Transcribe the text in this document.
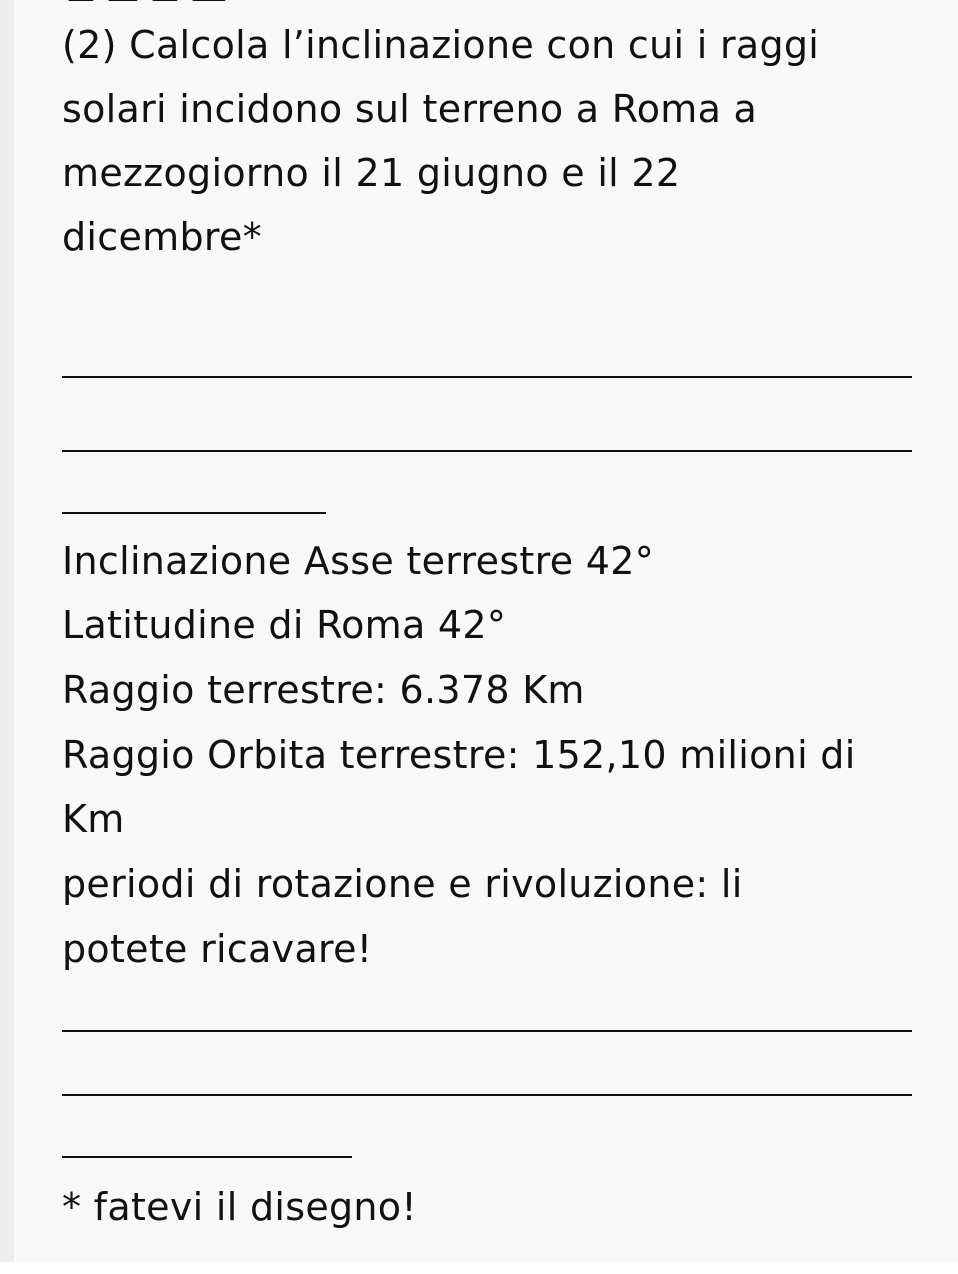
(2) Calcola l’inclinazione con cui i raggi

solari incidono sul terreno a Roma a

mezzogiorno il 21 giugno e il 22

dicembre*

Inclinazione Asse terrestre 42°

Latitudine di Roma 42°

Raggio terrestre: 6.378 Km

Raggio Orbita terrestre: 152,10 milioni di

Km

periodi di rotazione e rivoluzione: li

potete ricavare!

* fatevi il disegno!
